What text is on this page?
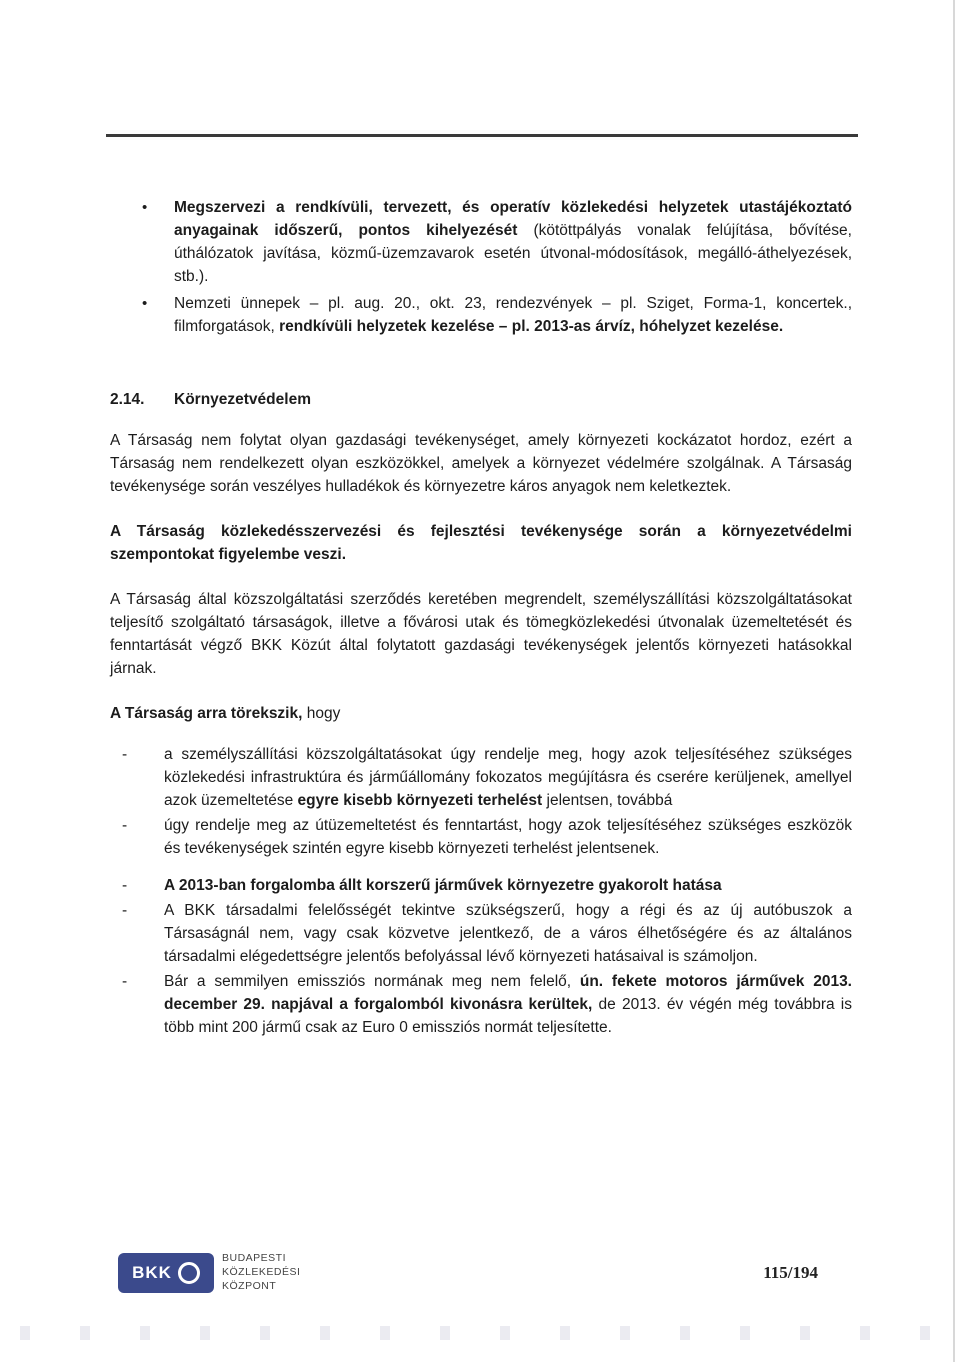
• Megszervezi a rendkívüli, tervezett, és operatív közlekedési helyzetek utastájékoztató anyagainak időszerű, pontos kihelyezését (kötöttpályás vonalak felújítása, bővítése, úthálózatok javítása, közmű-üzemzavarok esetén útvonal-módosítások, megálló-áthelyezések, stb.).
• Nemzeti ünnepek – pl. aug. 20., okt. 23, rendezvények – pl. Sziget, Forma-1, koncertek., filmforgatások, rendkívüli helyzetek kezelése – pl. 2013-as árvíz, hóhelyzet kezelése.
2.14. Környezetvédelem

A Társaság nem folytat olyan gazdasági tevékenységet, amely környezeti kockázatot hordoz, ezért a Társaság nem rendelkezett olyan eszközökkel, amelyek a környezet védelmére szolgálnak. A Társaság tevékenysége során veszélyes hulladékok és környezetre káros anyagok nem keletkeztek.

A Társaság közlekedésszervezési és fejlesztési tevékenysége során a környezetvédelmi szempontokat figyelembe veszi.

A Társaság által közszolgáltatási szerződés keretében megrendelt, személyszállítási közszolgáltatásokat teljesítő szolgáltató társaságok, illetve a fővárosi utak és tömegközlekedési útvonalak üzemeltetését és fenntartását végző BKK Közút által folytatott gazdasági tevékenységek jelentős környezeti hatásokkal járnak.

A Társaság arra törekszik, hogy

- a személyszállítási közszolgáltatásokat úgy rendelje meg, hogy azok teljesítéséhez szükséges közlekedési infrastruktúra és járműállomány fokozatos megújításra és cserére kerüljenek, amellyel azok üzemeltetése egyre kisebb környezeti terhelést jelentsen, továbbá
- úgy rendelje meg az útüzemeltetést és fenntartást, hogy azok teljesítéséhez szükséges eszközök és tevékenységek szintén egyre kisebb környezeti terhelést jelentsenek.
- A 2013-ban forgalomba állt korszerű járművek környezetre gyakorolt hatása
- A BKK társadalmi felelősségét tekintve szükségszerű, hogy a régi és az új autóbuszok a Társaságnál nem, vagy csak közvetve jelentkező, de a város élhetőségére és az általános társadalmi elégedettségre jelentős befolyással lévő környezeti hatásaival is számoljon.
- Bár a semmilyen emissziós normának meg nem felelő, ún. fekete motoros járművek 2013. december 29. napjával a forgalomból kivonásra kerültek, de 2013. év végén még továbbra is több mint 200 jármű csak az Euro 0 emissziós normát teljesítette.
BKK
BUDAPESTI
KÖZLEKEDÉSI
KÖZPONT
115/194
